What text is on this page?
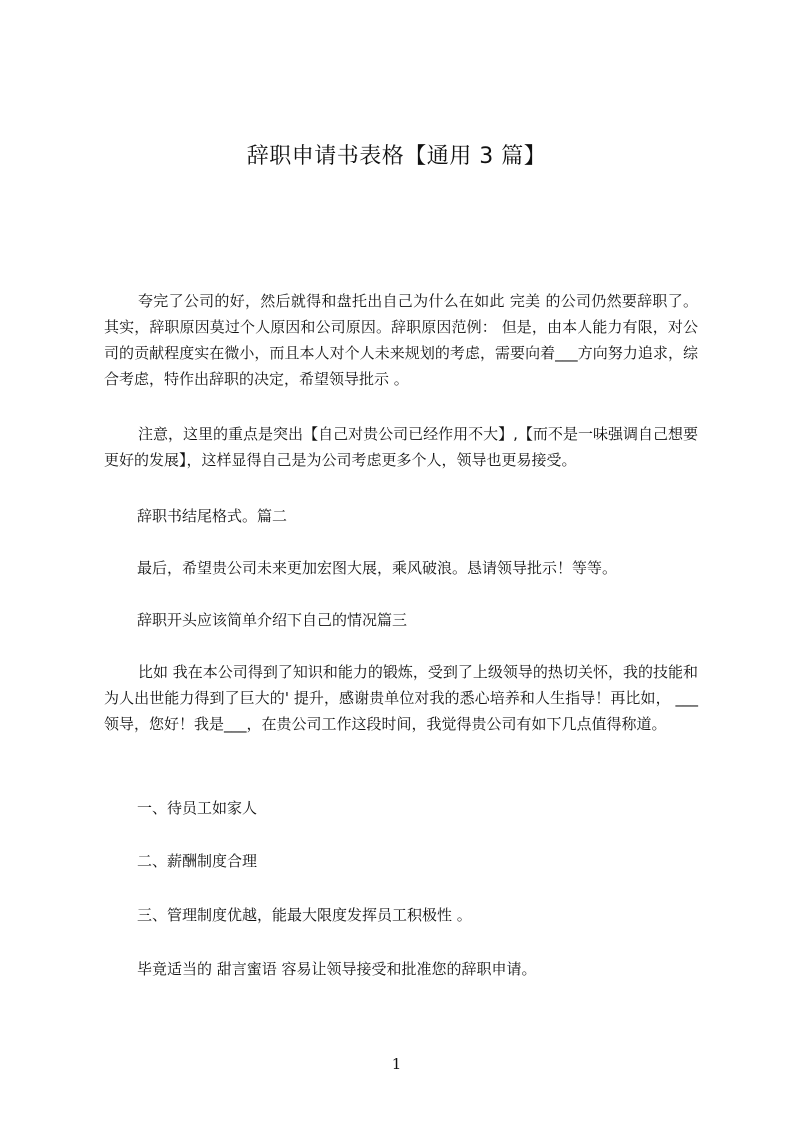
辞职申请书表格【通用 3 篇】

夸完了公司的好，然后就得和盘托出自己为什么在如此 完美 的公司仍然要辞职了。其实，辞职原因莫过个人原因和公司原因。辞职原因范例： 但是，由本人能力有限，对公司的贡献程度实在微小，而且本人对个人未来规划的考虑，需要向着___方向努力追求，综合考虑，特作出辞职的决定，希望领导批示 。

注意，这里的重点是突出【自己对贵公司已经作用不大】,【而不是一味强调自己想要更好的发展】，这样显得自己是为公司考虑更多个人，领导也更易接受。

辞职书结尾格式。篇二

最后，希望贵公司未来更加宏图大展，乘风破浪。恳请领导批示！等等。

辞职开头应该简单介绍下自己的情况篇三

比如 我在本公司得到了知识和能力的锻炼，受到了上级领导的热切关怀，我的技能和为人出世能力得到了巨大的' 提升，感谢贵单位对我的悉心培养和人生指导！再比如， ___领导，您好！我是___，在贵公司工作这段时间，我觉得贵公司有如下几点值得称道。

一、待员工如家人

二、薪酬制度合理

三、管理制度优越，能最大限度发挥员工积极性 。

毕竟适当的 甜言蜜语 容易让领导接受和批准您的辞职申请。

1
